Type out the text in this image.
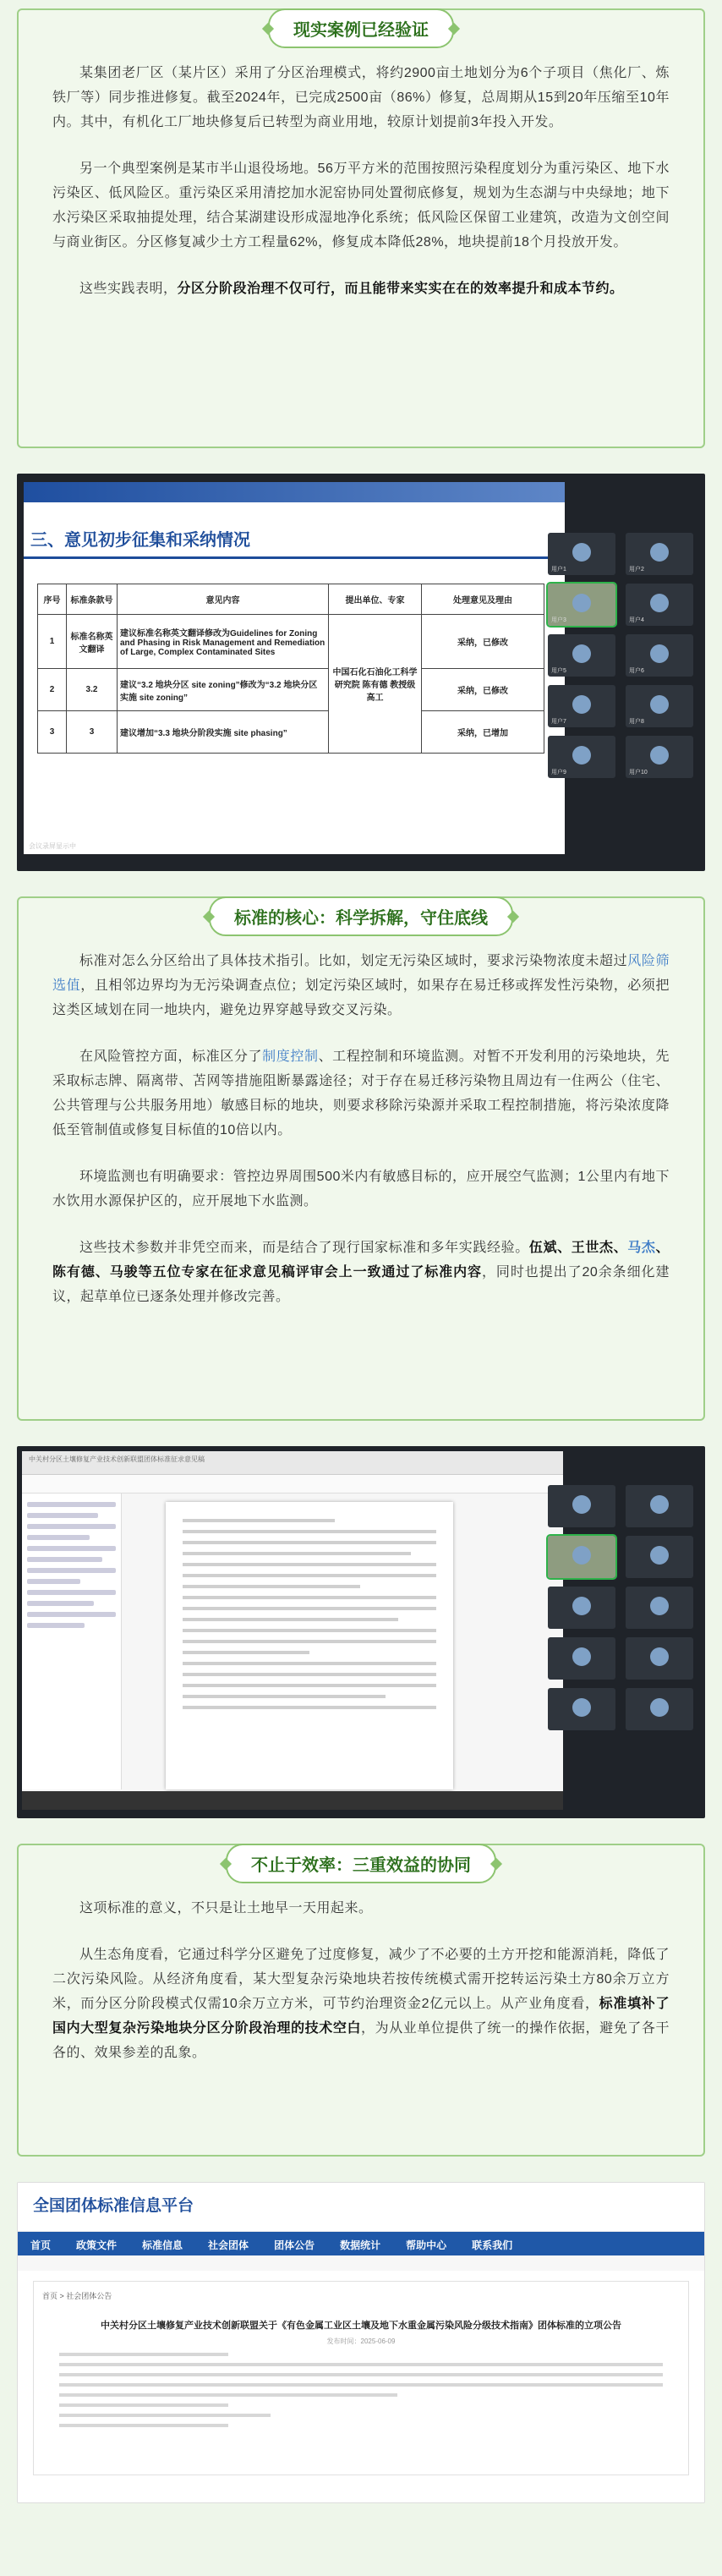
现实案例已经验证

某集团老厂区（某片区）采用了分区治理模式，将约2900亩土地划分为6个子项目（焦化厂、炼铁厂等）同步推进修复。截至2024年，已完成2500亩（86%）修复，总周期从15到20年压缩至10年内。其中，有机化工厂地块修复后已转型为商业用地，较原计划提前3年投入开发。

另一个典型案例是某市半山退役场地。56万平方米的范围按照污染程度划分为重污染区、地下水污染区、低风险区。重污染区采用清挖加水泥窑协同处置彻底修复，规划为生态湖与中央绿地；地下水污染区采取抽提处理，结合某湖建设形成湿地净化系统；低风险区保留工业建筑，改造为文创空间与商业街区。分区修复减少土方工程量62%，修复成本降低28%，地块提前18个月投放开发。

这些实践表明，分区分阶段治理不仅可行，而且能带来实实在在的效率提升和成本节约。

三、意见初步征集和采纳情况
序号	标准条款号	意见内容	提出单位、专家	处理意见及理由
1	标准名称英文翻译	建议标准名称英文翻译修改为Guidelines for Zoning and Phasing in Risk Management and Remediation of Large, Complex Contaminated Sites	中国石化石油化工科学研究院 陈有德 教授级高工	采纳，已修改
2	3.2	建议“3.2 地块分区 site zoning”修改为“3.2 地块分区实施 site zoning”		采纳，已修改
3	3	建议增加“3.3 地块分阶段实施 site phasing”		采纳，已增加
会议录屏显示中
用户1	用户2
用户3	用户4
用户5	用户6
用户7	用户8
用户9	用户10
标准的核心：科学拆解，守住底线

标准对怎么分区给出了具体技术指引。比如，划定无污染区域时，要求污染物浓度未超过风险筛选值，且相邻边界均为无污染调查点位；划定污染区域时，如果存在易迁移或挥发性污染物，必须把这类区域划在同一地块内，避免边界穿越导致交叉污染。

在风险管控方面，标准区分了制度控制、工程控制和环境监测。对暂不开发利用的污染地块，先采取标志牌、隔离带、苫网等措施阻断暴露途径；对于存在易迁移污染物且周边有一住两公（住宅、公共管理与公共服务用地）敏感目标的地块，则要求移除污染源并采取工程控制措施，将污染浓度降低至管制值或修复目标值的10倍以内。

环境监测也有明确要求：管控边界周围500米内有敏感目标的，应开展空气监测；1公里内有地下水饮用水源保护区的，应开展地下水监测。

这些技术参数并非凭空而来，而是结合了现行国家标准和多年实践经验。伍斌、王世杰、马杰、陈有德、马骏等五位专家在征求意见稿评审会上一致通过了标准内容，同时也提出了20余条细化建议，起草单位已逐条处理并修改完善。

中关村分区土壤修复产业技术创新联盟团体标准征求意见稿
不止于效率：三重效益的协同

这项标准的意义，不只是让土地早一天用起来。

从生态角度看，它通过科学分区避免了过度修复，减少了不必要的土方开挖和能源消耗，降低了二次污染风险。从经济角度看，某大型复杂污染地块若按传统模式需开挖转运污染土方80余万立方米，而分区分阶段模式仅需10余万立方米，可节约治理资金2亿元以上。从产业角度看，标准填补了国内大型复杂污染地块分区分阶段治理的技术空白，为从业单位提供了统一的操作依据，避免了各干各的、效果参差的乱象。

全国团体标准信息平台
首页	政策文件	标准信息	社会团体	团体公告	数据统计	帮助中心	联系我们
首页 > 社会团体公告
中关村分区土壤修复产业技术创新联盟关于《有色金属工业区土壤及地下水重金属污染风险分级技术指南》团体标准的立项公告
发布时间：2025-06-09
